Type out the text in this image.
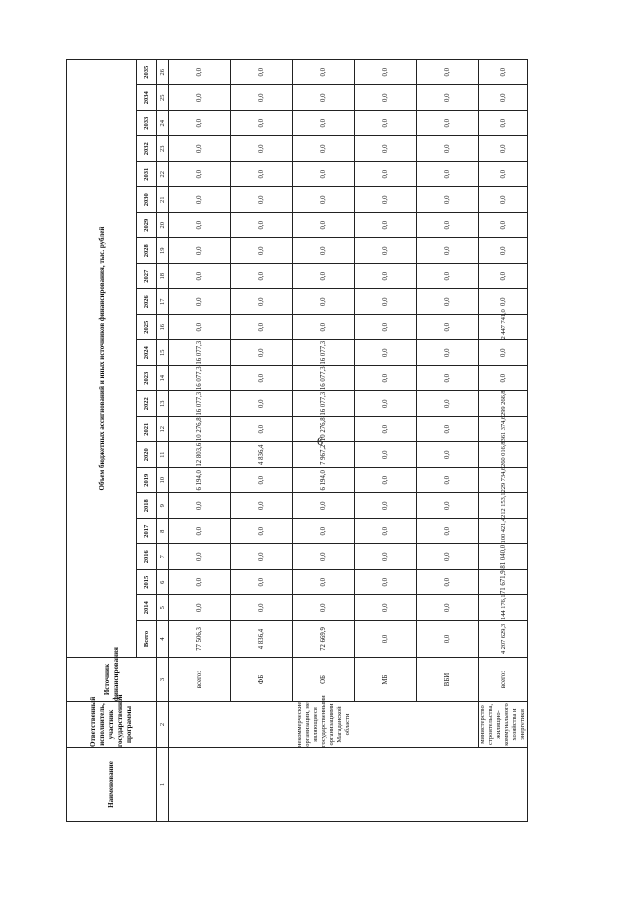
6
Наименование	Ответственный исполнитель, участник государственной программы	Источник финансирования	Объем бюджетных ассигнований и иных источников финансирования, тыс. рублей																						
			Всего	2014	2015	2016	2017	2018	2019	2020	2021	2022	2023	2024	2025	2026	2027	2028	2029	2030	2031	2032	2033	2034	2035
1	2	3	4	5	6	7	8	9	10	11	12	13	14	15	16	17	18	19	20	21	22	23	24	25	26
	некоммерческие организации, не являющиеся государственными организациями Магаданской области	всего:	77 506,3	0,0	0,0	0,0	0,0	0,0	6 194,0	12 803,6	10 276,8	16 077,3	16 077,3	16 077,3	0,0	0,0	0,0	0,0	0,0	0,0	0,0	0,0	0,0	0,0	0,0
		ФБ	4 836,4	0,0	0,0	0,0	0,0	0,0	0,0	4 836,4	0,0	0,0	0,0	0,0	0,0	0,0	0,0	0,0	0,0	0,0	0,0	0,0	0,0	0,0	0,0
		ОБ	72 669,9	0,0	0,0	0,0	0,0	0,0	6 194,0	7 967,2	10 276,8	16 077,3	16 077,3	16 077,3	0,0	0,0	0,0	0,0	0,0	0,0	0,0	0,0	0,0	0,0	0,0
		МБ	0,0	0,0	0,0	0,0	0,0	0,0	0,0	0,0	0,0	0,0	0,0	0,0	0,0	0,0	0,0	0,0	0,0	0,0	0,0	0,0	0,0	0,0	0,0
		ВБИ	0,0	0,0	0,0	0,0	0,0	0,0	0,0	0,0	0,0	0,0	0,0	0,0	0,0	0,0	0,0	0,0	0,0	0,0	0,0	0,0	0,0	0,0	0,0
	министерство строительства, жилищно-коммунального хозяйства и энергетики	всего:	4 207 629,3	144 176,1	71 671,9	81 040,0	100 421,4	212 153,1	229 734,6	260 016,8	361 374,6	299 266,8	0,0	0,0	2 447 741,0	0,0	0,0	0,0	0,0	0,0	0,0	0,0	0,0	0,0	0,0
